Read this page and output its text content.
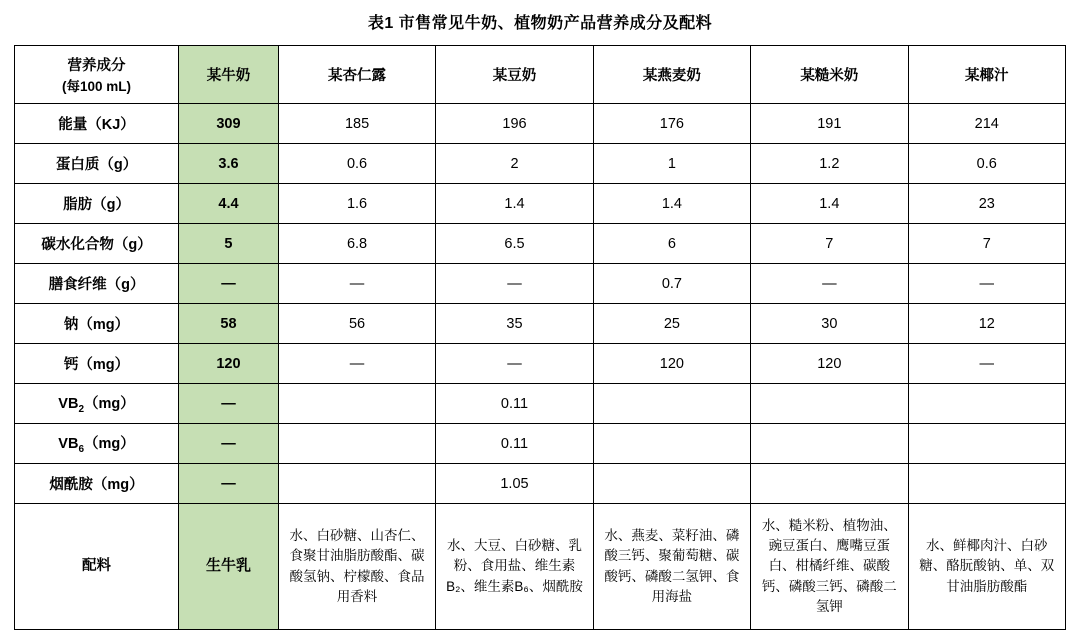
表1 市售常见牛奶、植物奶产品营养成分及配料
营养成分
(每100 mL)	某牛奶	某杏仁露	某豆奶	某燕麦奶	某糙米奶	某椰汁
能量（KJ）	309	185	196	176	191	214
蛋白质（g）	3.6	0.6	2	1	1.2	0.6
脂肪（g）	4.4	1.6	1.4	1.4	1.4	23
碳水化合物（g）	5	6.8	6.5	6	7	7
膳食纤维（g）	—	—	—	0.7	—	—
钠（mg）	58	56	35	25	30	12
钙（mg）	120	—	—	120	120	—
$VB_2(mg)$	—		0.11			
$VB_6(mg)$	—		0.11			
烟酰胺（mg）	—		1.05			
配料	生牛乳	水、白砂糖、山杏仁、食聚甘油脂肪酸酯、碳酸氢钠、柠檬酸、食品用香料	水、大豆、白砂糖、乳粉、食用盐、维生素B₂、维生素B₆、烟酰胺	水、燕麦、菜籽油、磷酸三钙、聚葡萄糖、碳酸钙、磷酸二氢钾、食用海盐	水、糙米粉、植物油、豌豆蛋白、鹰嘴豆蛋白、柑橘纤维、碳酸钙、磷酸三钙、磷酸二氢钾	水、鲜椰肉汁、白砂糖、酪朊酸钠、单、双甘油脂肪酸酯
